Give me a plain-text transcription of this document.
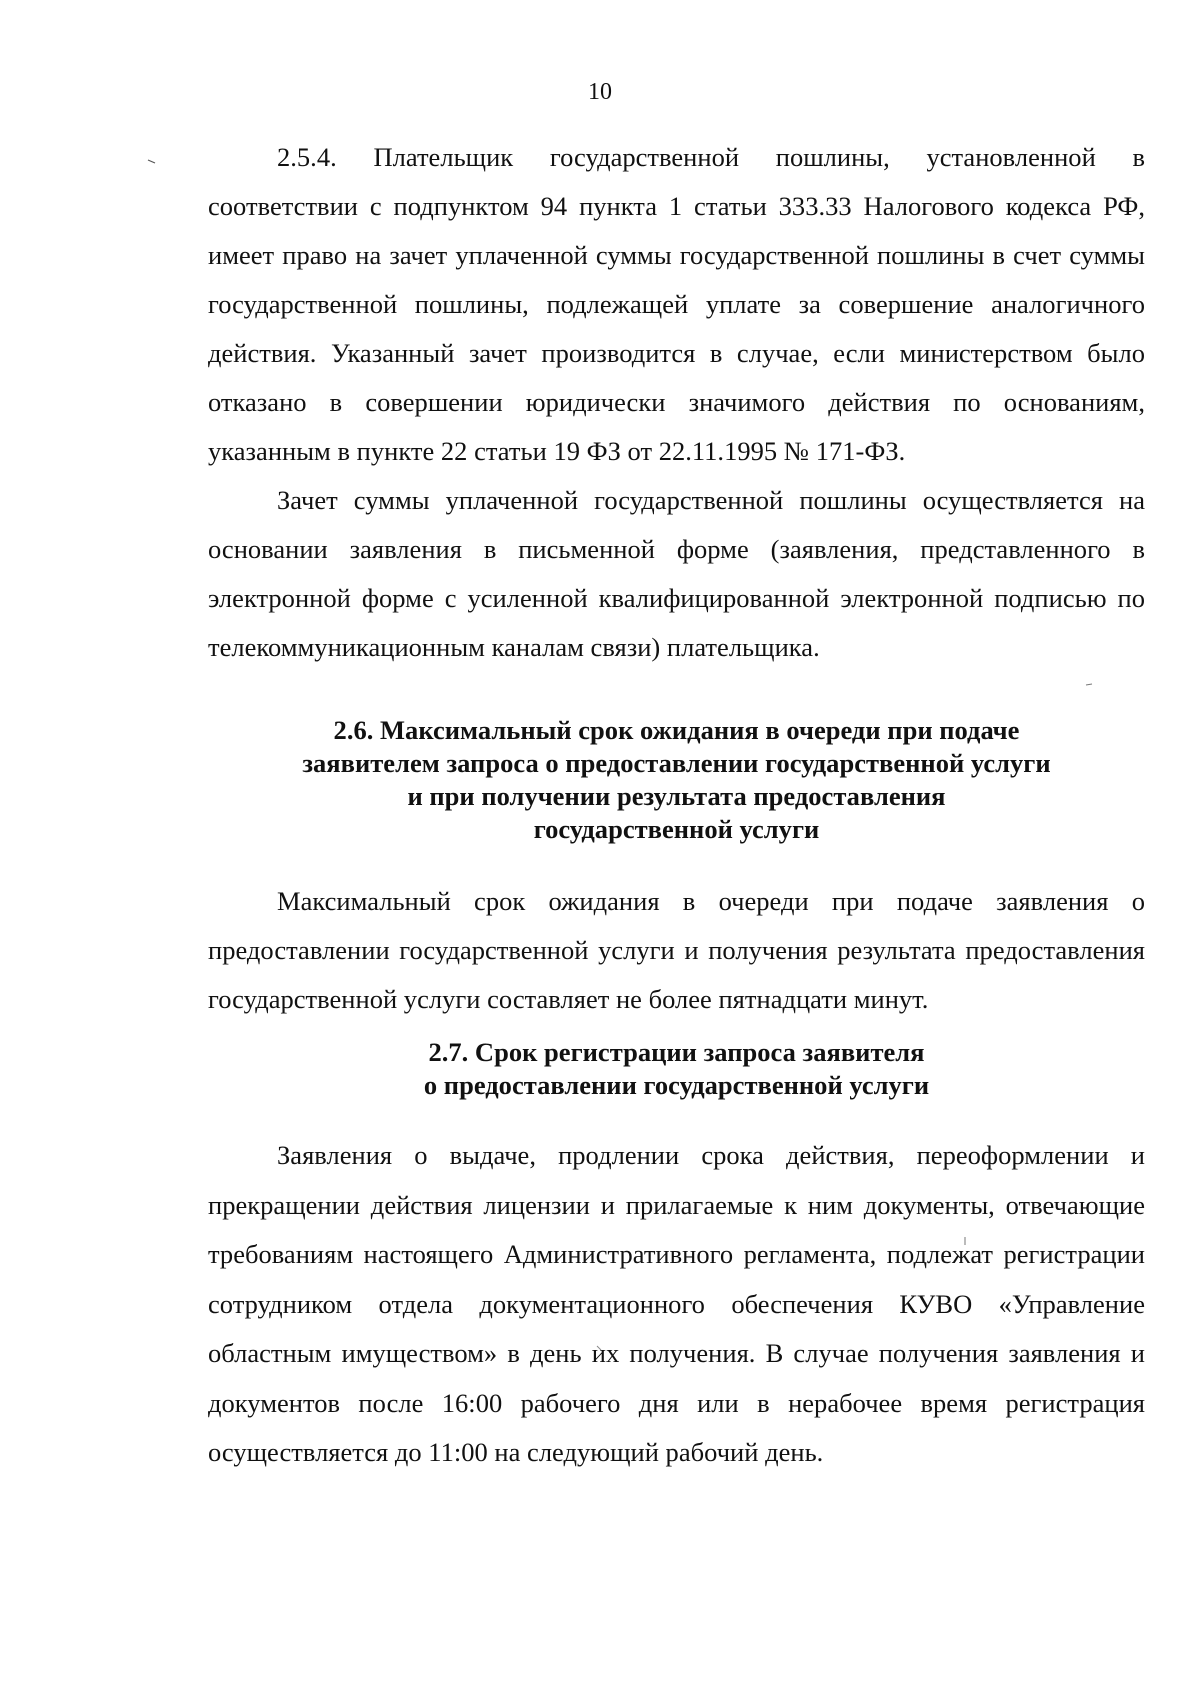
10

2.5.4. Плательщик государственной пошлины, установленной в соответствии с подпунктом 94 пункта 1 статьи 333.33 Налогового кодекса РФ, имеет право на зачет уплаченной суммы государственной пошлины в счет суммы государственной пошлины, подлежащей уплате за совершение аналогичного действия. Указанный зачет производится в случае, если министерством было отказано в совершении юридически значимого действия по основаниям, указанным в пункте 22 статьи 19 ФЗ от 22.11.1995 № 171-ФЗ.

Зачет суммы уплаченной государственной пошлины осуществляется на основании заявления в письменной форме (заявления, представленного в электронной форме с усиленной квалифицированной электронной подписью по телекоммуникационным каналам связи) плательщика.

2.6. Максимальный срок ожидания в очереди при подаче
заявителем запроса о предоставлении государственной услуги
и при получении результата предоставления
государственной услуги

Максимальный срок ожидания в очереди при подаче заявления о предоставлении государственной услуги и получения результата предоставления государственной услуги составляет не более пятнадцати минут.

2.7. Срок регистрации запроса заявителя
о предоставлении государственной услуги

Заявления о выдаче, продлении срока действия, переоформлении и прекращении действия лицензии и прилагаемые к ним документы, отвечающие требованиям настоящего Административного регламента, подлежат регистрации сотрудником отдела документационного обеспечения КУВО «Управление областным имуществом» в день их получения. В случае получения заявления и документов после 16:00 рабочего дня или в нерабочее время регистрация осуществляется до 11:00 на следующий рабочий день.
